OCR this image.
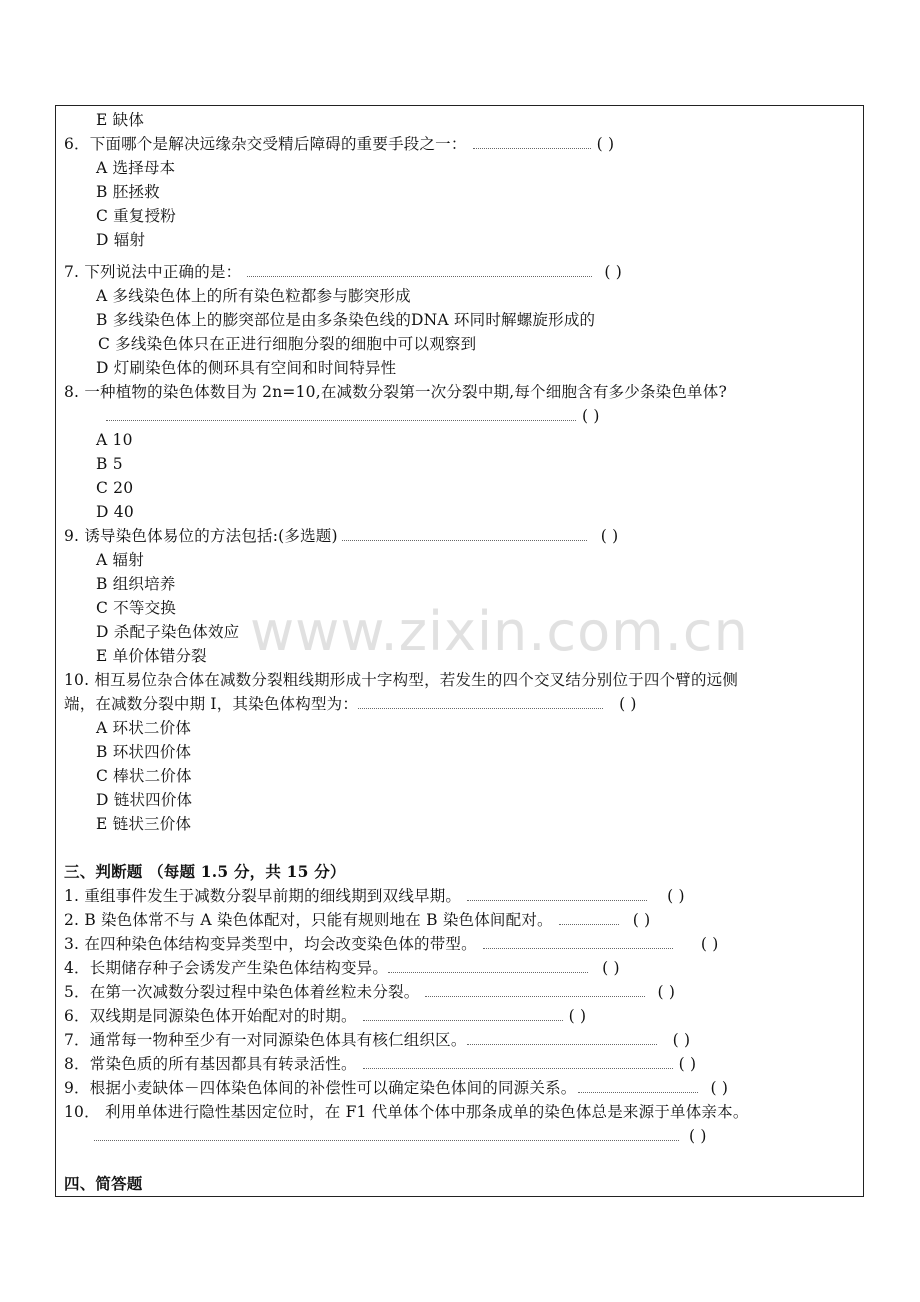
E 缺体
6．下面哪个是解决远缘杂交受精后障碍的重要手段之一：	( )
A 选择母本
B 胚拯救
C 重复授粉
D 辐射
7. 下列说法中正确的是：	( )
A 多线染色体上的所有染色粒都参与膨突形成
B 多线染色体上的膨突部位是由多条染色线的DNA 环同时解螺旋形成的
C 多线染色体只在正进行细胞分裂的细胞中可以观察到
D 灯刷染色体的侧环具有空间和时间特异性
8. 一种植物的染色体数目为 2n=10,在减数分裂第一次分裂中期,每个细胞含有多少条染色单体?
( )
A 10
B 5
C 20
D 40
9. 诱导染色体易位的方法包括:(多选题)	( )
A 辐射
B 组织培养
C 不等交换
D 杀配子染色体效应
E 单价体错分裂
10. 相互易位杂合体在减数分裂粗线期形成十字构型，若发生的四个交叉结分别位于四个臂的远侧
端，在减数分裂中期 I，其染色体构型为：	( )
A 环状二价体
B 环状四价体
C 棒状二价体
D 链状四价体
E 链状三价体
三、判断题 （每题 1.5 分，共 15 分）
1. 重组事件发生于减数分裂早前期的细线期到双线早期。	( )
2. B 染色体常不与 A 染色体配对，只能有规则地在 B 染色体间配对。	( )
3. 在四种染色体结构变异类型中，均会改变染色体的带型。	( )
4．长期储存种子会诱发产生染色体结构变异。	( )
5．在第一次减数分裂过程中染色体着丝粒未分裂。	( )
6．双线期是同源染色体开始配对的时期。	( )
7．通常每一物种至少有一对同源染色体具有核仁组织区。	( )
8．常染色质的所有基因都具有转录活性。	( )
9．根据小麦缺体－四体染色体间的补偿性可以确定染色体间的同源关系。	( )
10． 利用单体进行隐性基因定位时，在 F1 代单体个体中那条成单的染色体总是来源于单体亲本。
( )
四、简答题
www.zixin.com.cn
